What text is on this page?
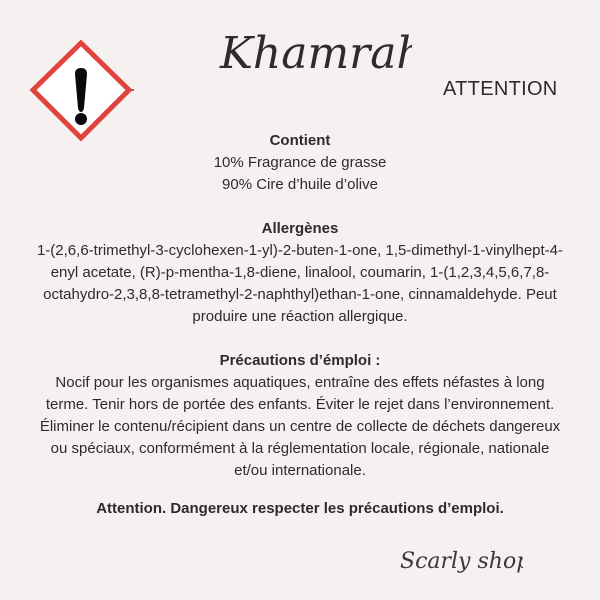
Khamrah
ATTENTION
Contient
10% Fragrance de grasse
90% Cire d’huile d’olive
Allergènes
1-(2,6,6-trimethyl-3-cyclohexen-1-yl)-2-buten-1-one, 1,5-dimethyl-1-vinylhept-4-
enyl acetate, (R)-p-mentha-1,8-diene, linalool, coumarin, 1-(1,2,3,4,5,6,7,8-
octahydro-2,3,8,8-tetramethyl-2-naphthyl)ethan-1-one, cinnamaldehyde. Peut
produire une réaction allergique.
Précautions d’émploi :
Nocif pour les organismes aquatiques, entraîne des effets néfastes à long
terme. Tenir hors de portée des enfants. Éviter le rejet dans l’environnement.
Éliminer le contenu/récipient dans un centre de collecte de déchets dangereux
ou spéciaux, conformément à la réglementation locale, régionale, nationale
et/ou internationale.
Attention. Dangereux respecter les précautions d’emploi.
Scarly shop
